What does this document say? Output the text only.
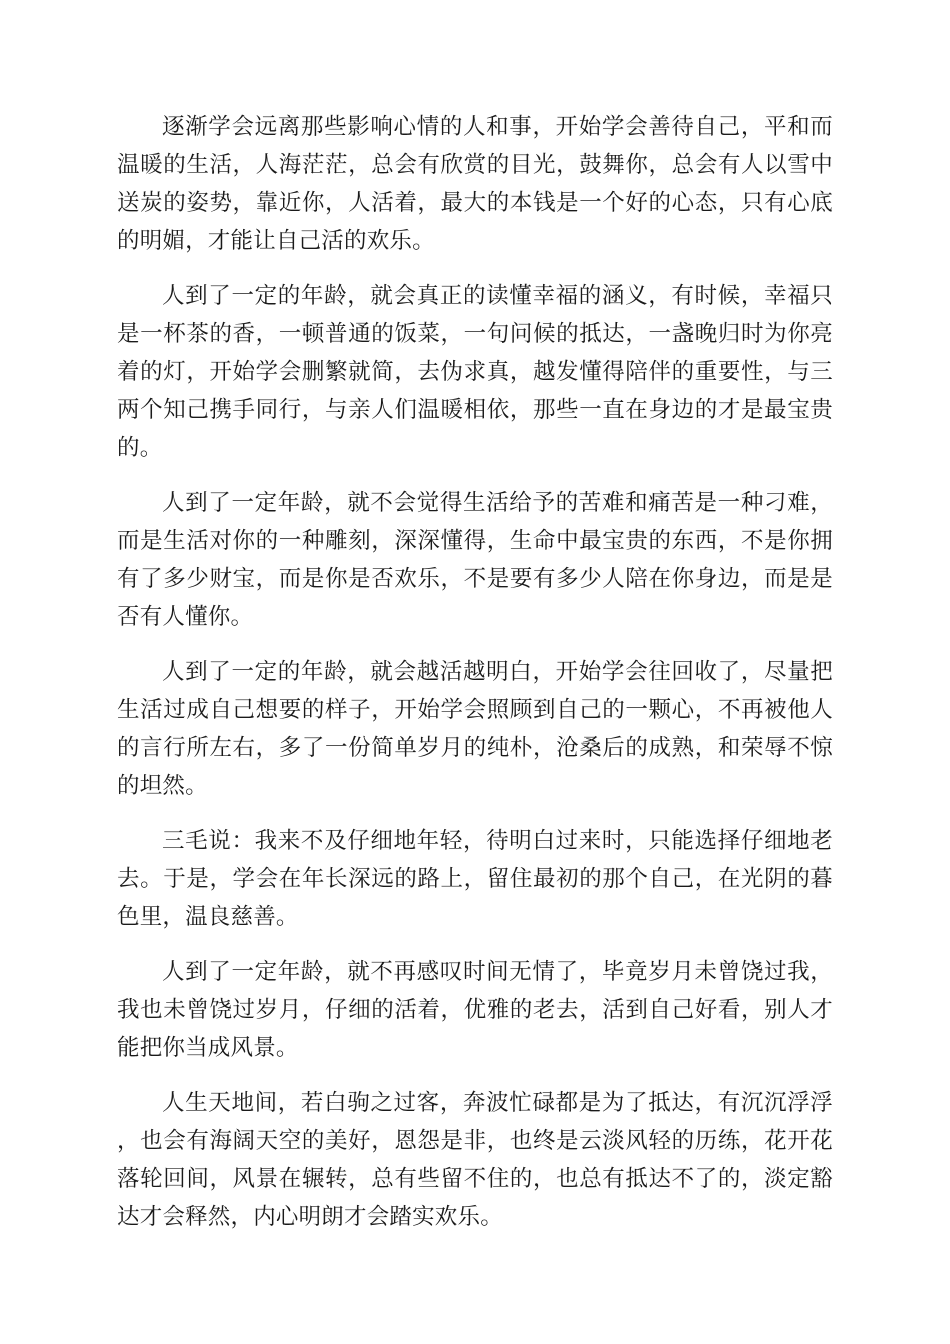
逐渐学会远离那些影响心情的人和事，开始学会善待自己，平和而温暖的生活，人海茫茫，总会有欣赏的目光，鼓舞你，总会有人以雪中送炭的姿势，靠近你，人活着，最大的本钱是一个好的心态，只有心底的明媚，才能让自己活的欢乐。

人到了一定的年龄，就会真正的读懂幸福的涵义，有时候，幸福只是一杯茶的香，一顿普通的饭菜，一句问候的抵达，一盏晚归时为你亮着的灯，开始学会删繁就简，去伪求真，越发懂得陪伴的重要性，与三两个知己携手同行，与亲人们温暖相依，那些一直在身边的才是最宝贵的。

人到了一定年龄，就不会觉得生活给予的苦难和痛苦是一种刁难，而是生活对你的一种雕刻，深深懂得，生命中最宝贵的东西，不是你拥有了多少财宝，而是你是否欢乐，不是要有多少人陪在你身边，而是是否有人懂你。

人到了一定的年龄，就会越活越明白，开始学会往回收了，尽量把生活过成自己想要的样子，开始学会照顾到自己的一颗心，不再被他人的言行所左右，多了一份简单岁月的纯朴，沧桑后的成熟，和荣辱不惊的坦然。

三毛说：我来不及仔细地年轻，待明白过来时，只能选择仔细地老去。于是，学会在年长深远的路上，留住最初的那个自己，在光阴的暮色里，温良慈善。

人到了一定年龄，就不再感叹时间无情了，毕竟岁月未曾饶过我，我也未曾饶过岁月，仔细的活着，优雅的老去，活到自己好看，别人才能把你当成风景。

人生天地间，若白驹之过客，奔波忙碌都是为了抵达，有沉沉浮浮，也会有海阔天空的美好，恩怨是非，也终是云淡风轻的历练，花开花落轮回间，风景在辗转，总有些留不住的，也总有抵达不了的，淡定豁达才会释然，内心明朗才会踏实欢乐。
